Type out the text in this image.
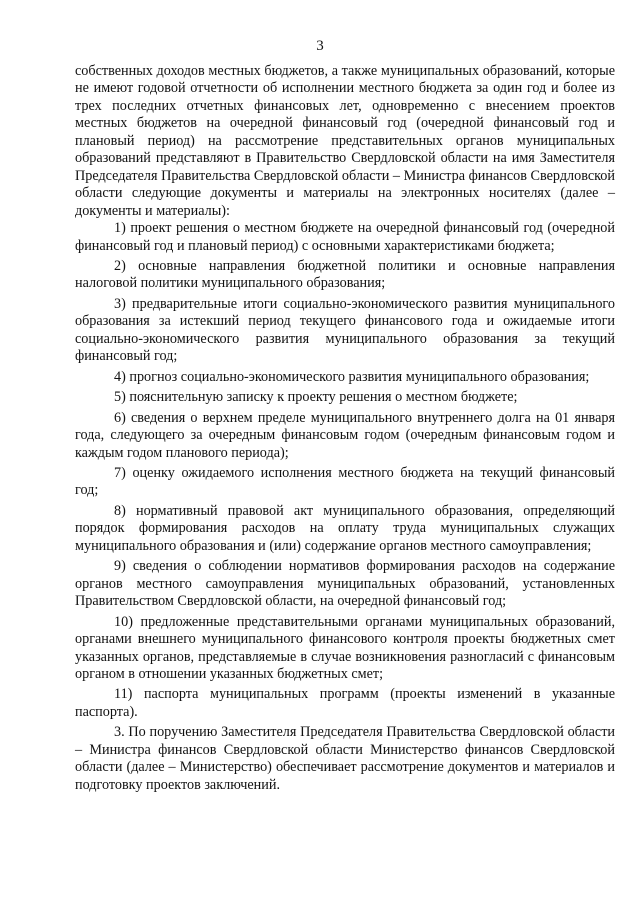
3

собственных доходов местных бюджетов, а также муниципальных образований, которые не имеют годовой отчетности об исполнении местного бюджета за один год и более из трех последних отчетных финансовых лет, одновременно с внесением проектов местных бюджетов на очередной финансовый год (очередной финансовый год и плановый период) на рассмотрение представительных органов муниципальных образований представляют в Правительство Свердловской области на имя Заместителя Председателя Правительства Свердловской области – Министра финансов Свердловской области следующие документы и материалы на электронных носителях (далее – документы и материалы):

1) проект решения о местном бюджете на очередной финансовый год (очередной финансовый год и плановый период) с основными характеристиками бюджета;

2) основные направления бюджетной политики и основные направления налоговой политики муниципального образования;

3) предварительные итоги социально-экономического развития муниципального образования за истекший период текущего финансового года и ожидаемые итоги социально-экономического развития муниципального образования за текущий финансовый год;

4) прогноз социально-экономического развития муниципального образования;

5) пояснительную записку к проекту решения о местном бюджете;

6) сведения о верхнем пределе муниципального внутреннего долга на 01 января года, следующего за очередным финансовым годом (очередным финансовым годом и каждым годом планового периода);

7) оценку ожидаемого исполнения местного бюджета на текущий финансовый год;

8) нормативный правовой акт муниципального образования, определяющий порядок формирования расходов на оплату труда муниципальных служащих муниципального образования и (или) содержание органов местного самоуправления;

9) сведения о соблюдении нормативов формирования расходов на содержание органов местного самоуправления муниципальных образований, установленных Правительством Свердловской области, на очередной финансовый год;

10) предложенные представительными органами муниципальных образований, органами внешнего муниципального финансового контроля проекты бюджетных смет указанных органов, представляемые в случае возникновения разногласий с финансовым органом в отношении указанных бюджетных смет;

11) паспорта муниципальных программ (проекты изменений в указанные паспорта).

3. По поручению Заместителя Председателя Правительства Свердловской области – Министра финансов Свердловской области Министерство финансов Свердловской области (далее – Министерство) обеспечивает рассмотрение документов и материалов и подготовку проектов заключений.
